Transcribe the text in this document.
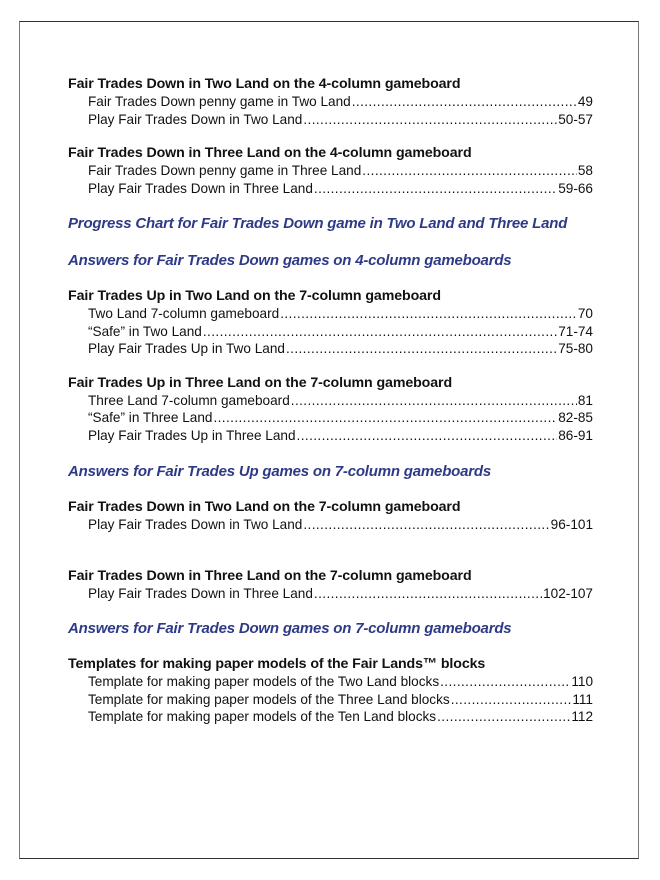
Fair Trades Down in Two Land on the 4-column gameboard
Fair Trades Down penny game in Two Land .....	49
Play Fair Trades Down in Two Land .....	50-57
Fair Trades Down in Three Land on the 4-column gameboard
Fair Trades Down penny game in Three Land .....	58
Play Fair Trades Down in Three Land .....	59-66
Progress Chart for Fair Trades Down game in Two Land and Three Land
Answers for Fair Trades Down games on 4-column gameboards
Fair Trades Up in Two Land on the 7-column gameboard
Two Land 7-column gameboard .....	70
“Safe” in Two Land .....	71-74
Play Fair Trades Up in Two Land .....	75-80
Fair Trades Up in Three Land on the 7-column gameboard
Three Land 7-column gameboard .....	81
“Safe” in Three Land .....	82-85
Play Fair Trades Up in Three Land .....	86-91
Answers for Fair Trades Up games on 7-column gameboards
Fair Trades Down in Two Land on the 7-column gameboard
Play Fair Trades Down in Two Land .....	96-101
Fair Trades Down in Three Land on the 7-column gameboard
Play Fair Trades Down in Three Land .....	102-107
Answers for Fair Trades Down games on 7-column gameboards
Templates for making paper models of the Fair Lands™ blocks
Template for making paper models of the Two Land blocks .....	110
Template for making paper models of the Three Land blocks .....	111
Template for making paper models of the Ten Land blocks .....	112
